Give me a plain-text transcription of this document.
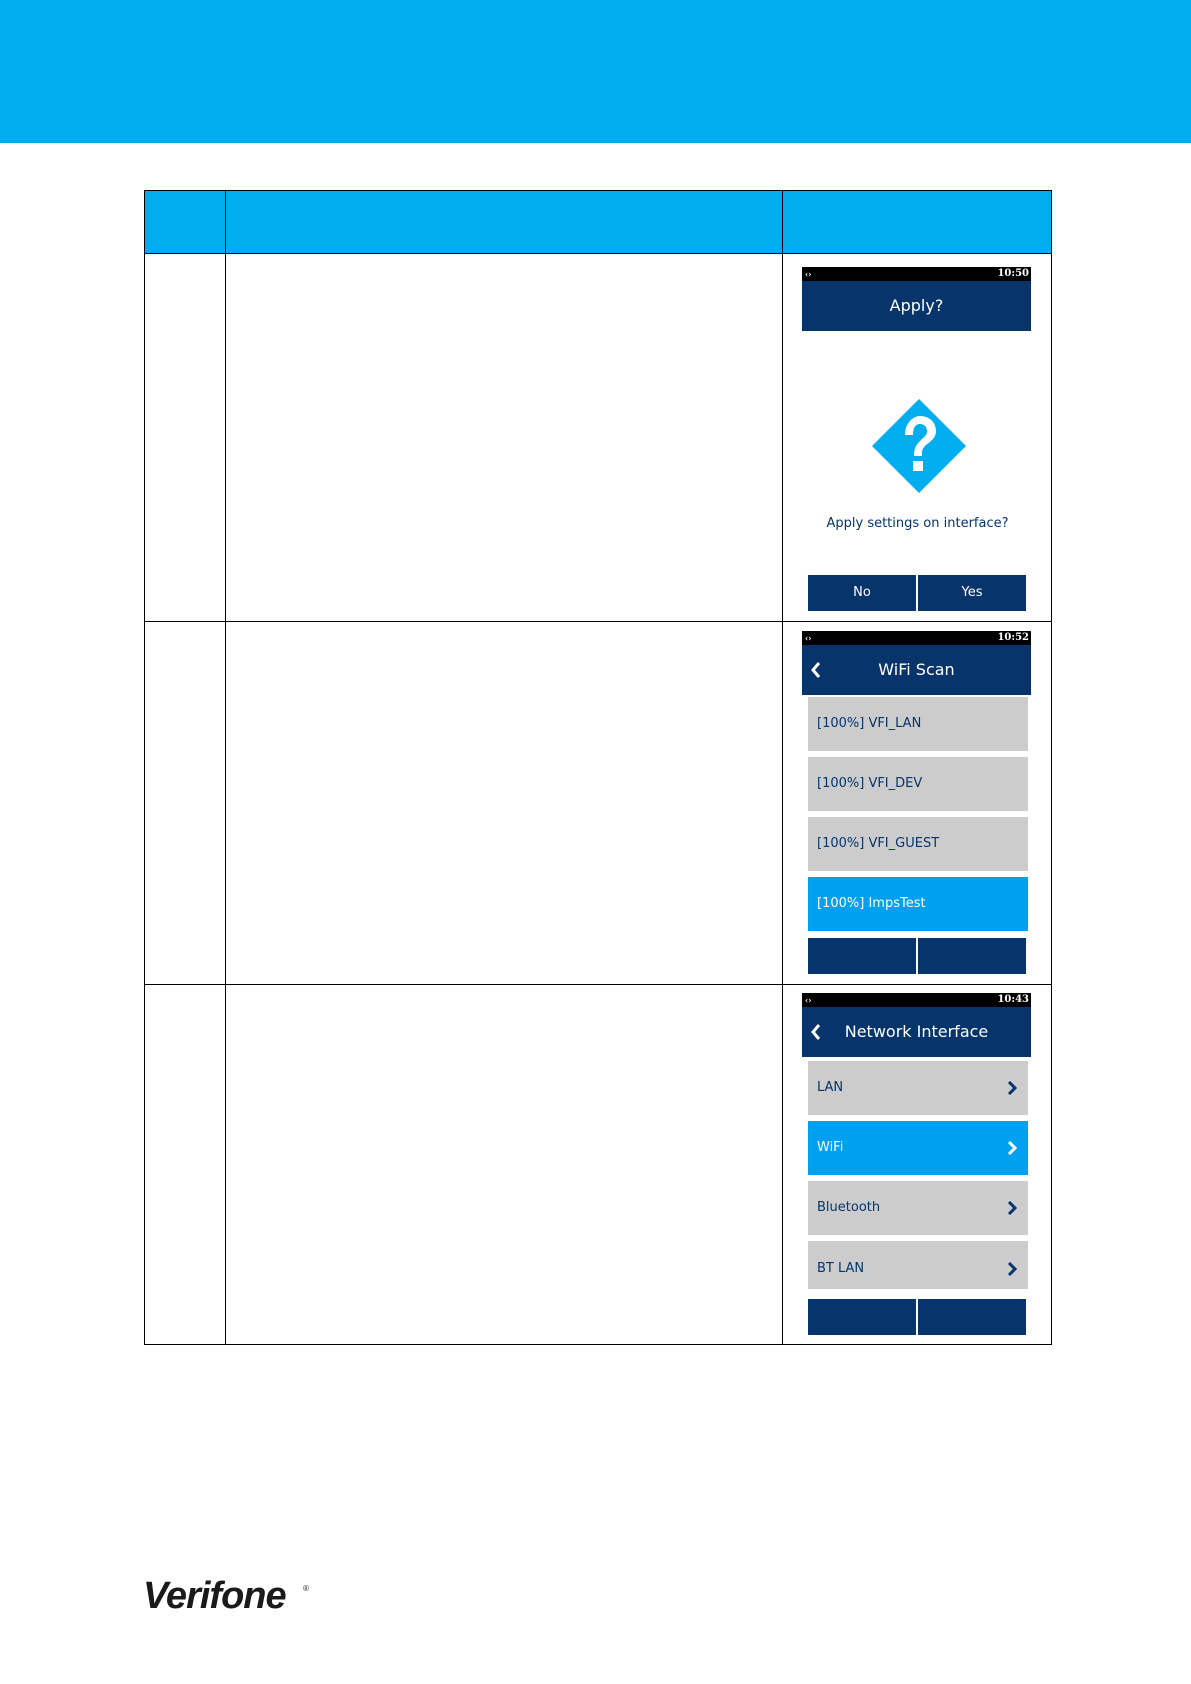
‹›	10:50
Apply?
Apply settings on interface?
No	Yes
‹›	10:52
WiFi Scan
[100%] VFI_LAN
[100%] VFI_DEV
[100%] VFI_GUEST
[100%] ImpsTest
‹›	10:43
Network Interface
LAN
WiFi
Bluetooth
BT LAN
Verifone ®
